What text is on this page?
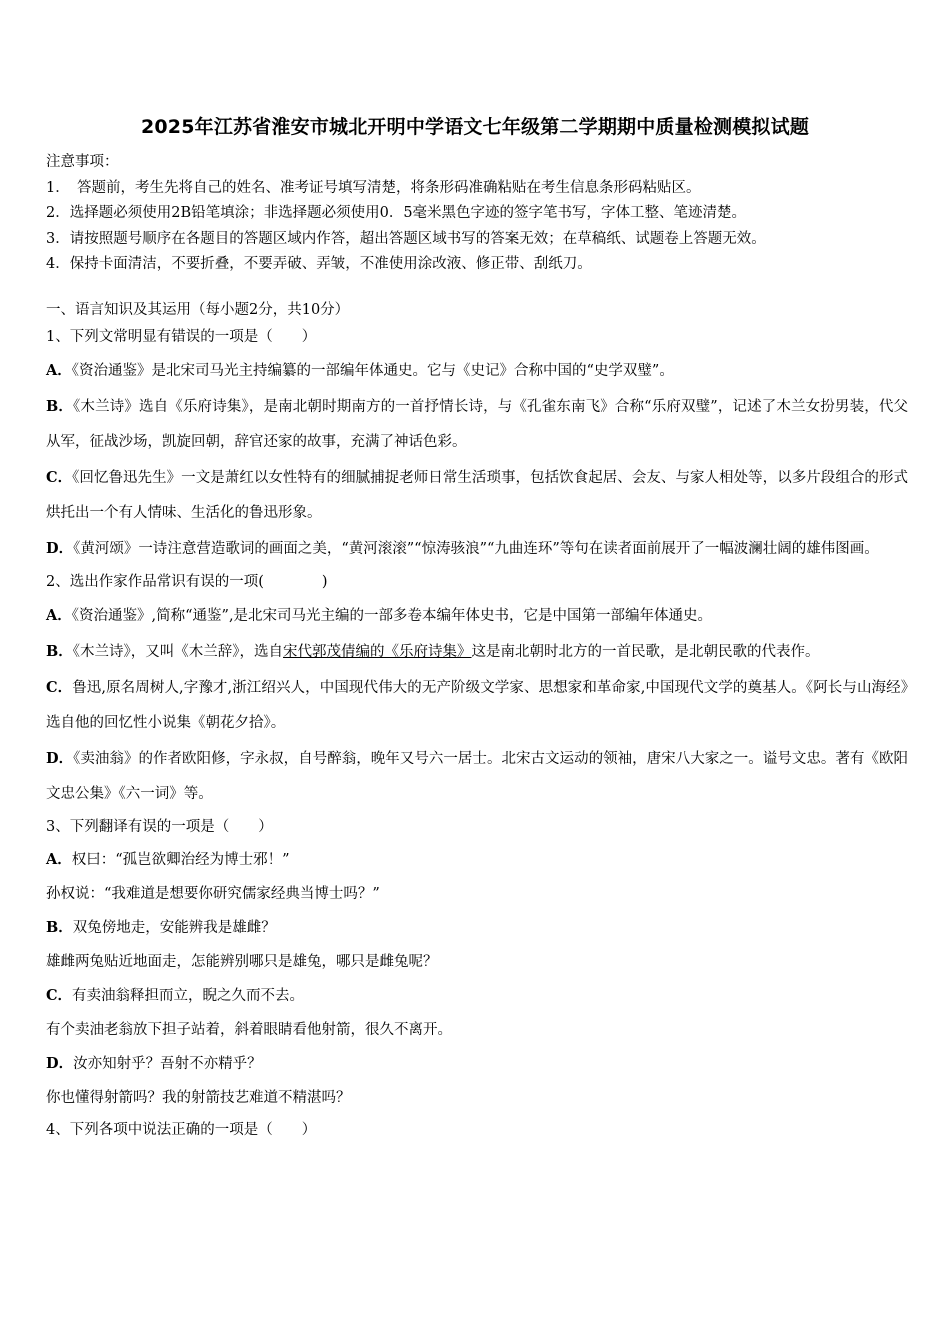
2025年江苏省淮安市城北开明中学语文七年级第二学期期中质量检测模拟试题
注意事项：
1．　答题前，考生先将自己的姓名、准考证号填写清楚，将条形码准确粘贴在考生信息条形码粘贴区。
2．选择题必须使用2B铅笔填涂；非选择题必须使用0．5毫米黑色字迹的签字笔书写，字体工整、笔迹清楚。
3．请按照题号顺序在各题目的答题区域内作答，超出答题区域书写的答案无效；在草稿纸、试题卷上答题无效。
4．保持卡面清洁，不要折叠，不要弄破、弄皱，不准使用涂改液、修正带、刮纸刀。
一、语言知识及其运用（每小题2分，共10分）
1、下列文常明显有错误的一项是（　　）
A．《资治通鉴》是北宋司马光主持编纂的一部编年体通史。它与《史记》合称中国的“史学双璧”。
B．《木兰诗》选自《乐府诗集》，是南北朝时期南方的一首抒情长诗，与《孔雀东南飞》合称“乐府双璧”，记述了木兰女扮男装，代父从军，征战沙场，凯旋回朝，辞官还家的故事，充满了神话色彩。
C．《回忆鲁迅先生》一文是萧红以女性特有的细腻捕捉老师日常生活琐事，包括饮食起居、会友、与家人相处等，以多片段组合的形式烘托出一个有人情味、生活化的鲁迅形象。
D．《黄河颂》一诗注意营造歌词的画面之美，“黄河滚滚”“惊涛骇浪”“九曲连环”等句在读者面前展开了一幅波澜壮阔的雄伟图画。
2、选出作家作品常识有误的一项(　　　　)
A．《资治通鉴》,简称“通鉴”,是北宋司马光主编的一部多卷本编年体史书，它是中国第一部编年体通史。
B．《木兰诗》，又叫《木兰辞》，选自宋代郭茂倩编的《乐府诗集》这是南北朝时北方的一首民歌，是北朝民歌的代表作。
C．鲁迅,原名周树人,字豫才,浙江绍兴人，中国现代伟大的无产阶级文学家、思想家和革命家,中国现代文学的奠基人。《阿长与山海经》选自他的回忆性小说集《朝花夕拾》。
D．《卖油翁》的作者欧阳修，字永叔，自号醉翁，晚年又号六一居士。北宋古文运动的领袖，唐宋八大家之一。谥号文忠。著有《欧阳文忠公集》《六一词》等。
3、下列翻译有误的一项是（　　）
A．权曰：“孤岂欲卿治经为博士邪！”
孙权说：“我难道是想要你研究儒家经典当博士吗？”
B．双兔傍地走，安能辨我是雄雌？
雄雌两兔贴近地面走，怎能辨别哪只是雄兔，哪只是雌兔呢？
C．有卖油翁释担而立，睨之久而不去。
有个卖油老翁放下担子站着，斜着眼睛看他射箭，很久不离开。
D．汝亦知射乎？吾射不亦精乎？
你也懂得射箭吗？我的射箭技艺难道不精湛吗？
4、下列各项中说法正确的一项是（　　）
